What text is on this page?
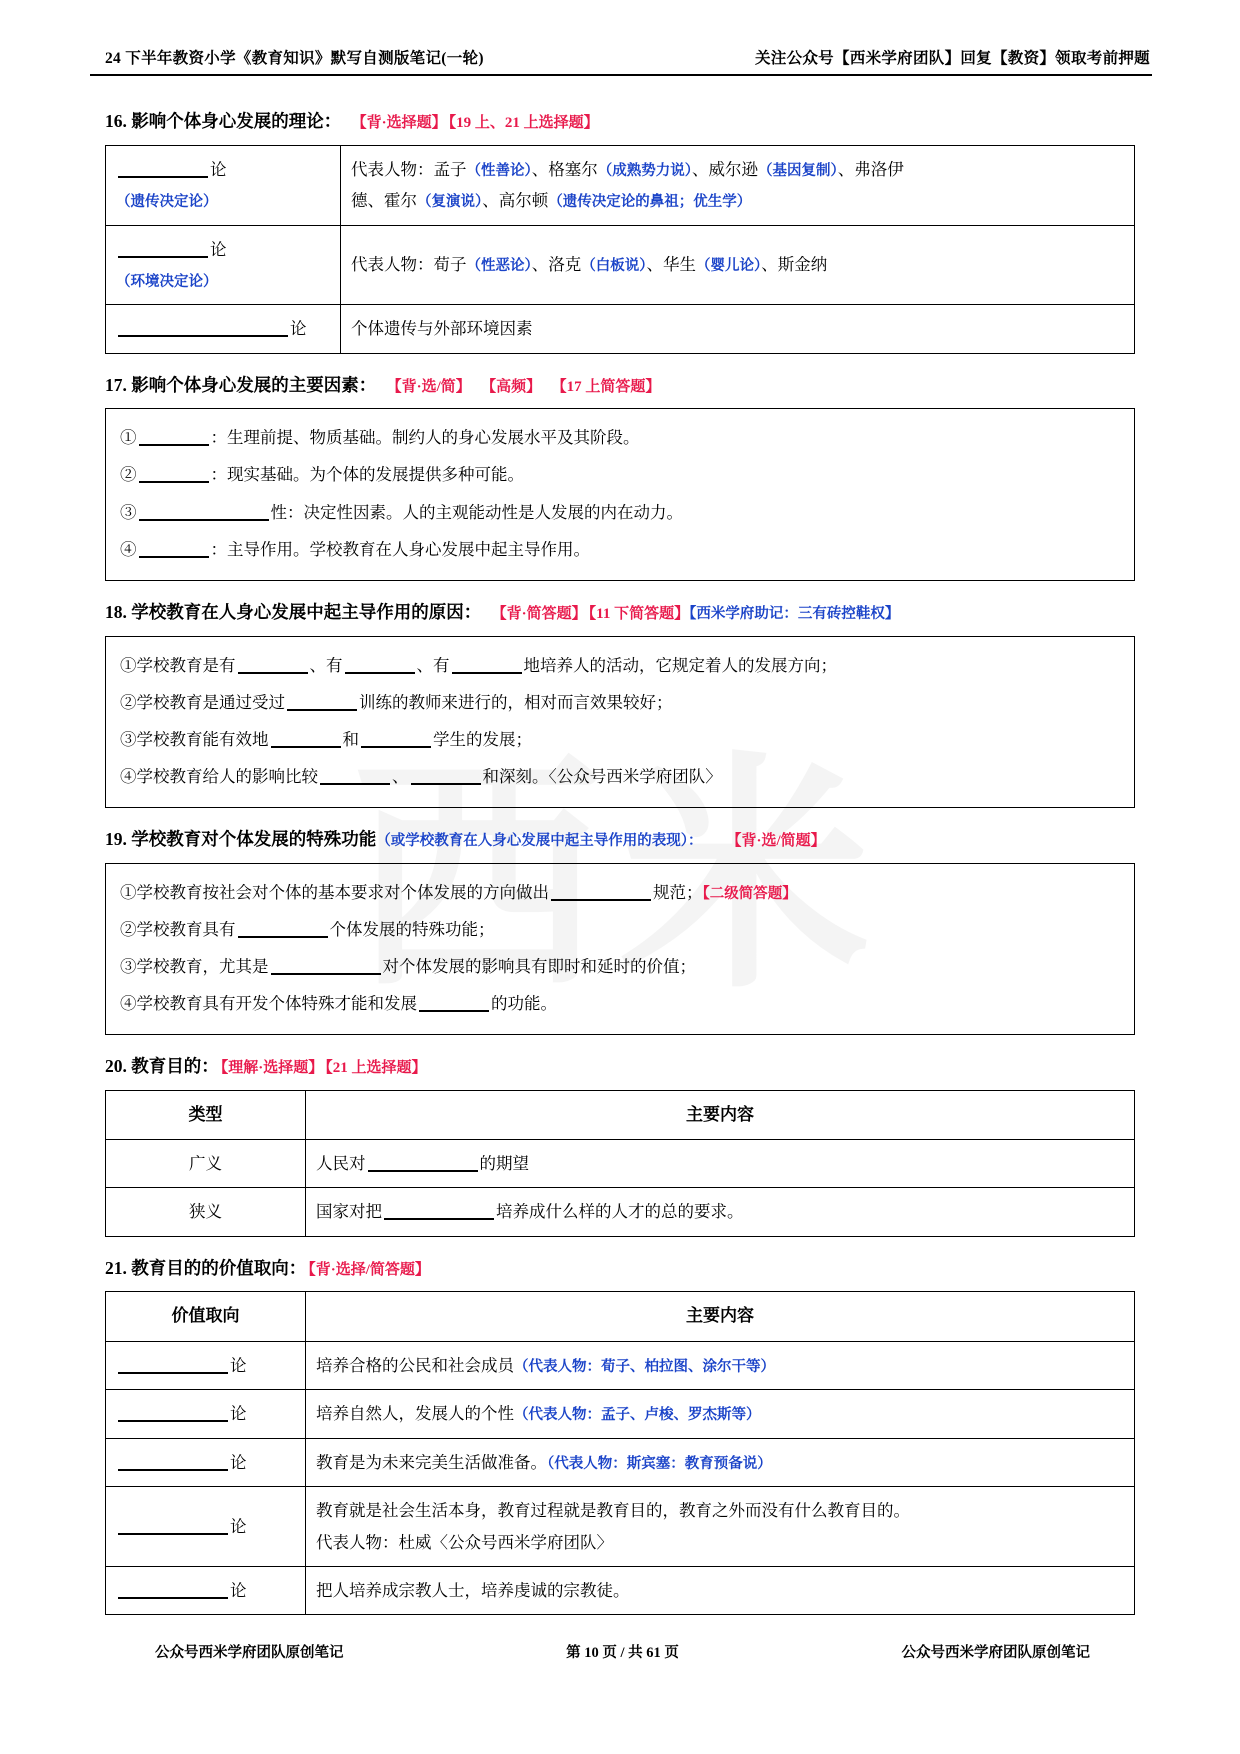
24 下半年教资小学《教育知识》默写自测版笔记(一轮)	关注公众号【西米学府团队】回复【教资】领取考前押题
16. 影响个体身心发展的理论： 【背·选择题】 【19 上、21 上选择题】
论（遗传决定论）	代表人物：孟子（性善论）、格塞尔（成熟势力说）、威尔逊（基因复制）、弗洛伊
德、霍尔（复演说）、高尔顿（遗传决定论的鼻祖；优生学）

论（环境决定论）	代表人物：荀子（性恶论）、洛克（白板说）、华生（婴儿论）、斯金纳

论	个体遗传与外部环境因素
17. 影响个体身心发展的主要因素： 【背·选/简】 【高频】 【17 上简答题】
①	：生理前提、物质基础。制约人的身心发展水平及其阶段。
②	：现实基础。为个体的发展提供多种可能。
③	性：决定性因素。人的主观能动性是人发展的内在动力。
④	：主导作用。学校教育在人身心发展中起主导作用。
18. 学校教育在人身心发展中起主导作用的原因： 【背·简答题】 【11 下简答题】【西米学府助记：三有砖控鞋权】
①学校教育是有	、有	、有	地培养人的活动，它规定着人的发展方向；
②学校教育是通过受过	训练的教师来进行的，相对而言效果较好；
③学校教育能有效地	和	学生的发展；
④学校教育给人的影响比较	、	和深刻。〈公众号西米学府团队〉
19. 学校教育对个体发展的特殊功能（或学校教育在人身心发展中起主导作用的表现）： 【背·选/简题】
①学校教育按社会对个体的基本要求对个体发展的方向做出	规范；【二级简答题】
②学校教育具有	个体发展的特殊功能；
③学校教育，尤其是	对个体发展的影响具有即时和延时的价值；
④学校教育具有开发个体特殊才能和发展	的功能。
20. 教育目的： 【理解·选择题】 【21 上选择题】
类型	主要内容
广义	人民对 的期望
狭义	国家对把 培养成什么样的人才的总的要求。
21. 教育目的的价值取向： 【背·选择/简答题】
价值取向	主要内容
论	培养合格的公民和社会成员（代表人物：荀子、柏拉图、涂尔干等）
论	培养自然人，发展人的个性（代表人物：孟子、卢梭、罗杰斯等）
论	教育是为未来完美生活做准备。（代表人物：斯宾塞：教育预备说）
论	教育就是社会生活本身，教育过程就是教育目的，教育之外而没有什么教育目的。
代表人物：杜威〈公众号西米学府团队〉

论	把人培养成宗教人士，培养虔诚的宗教徒。
公众号西米学府团队原创笔记	第 10 页 / 共 61 页	公众号西米学府团队原创笔记
